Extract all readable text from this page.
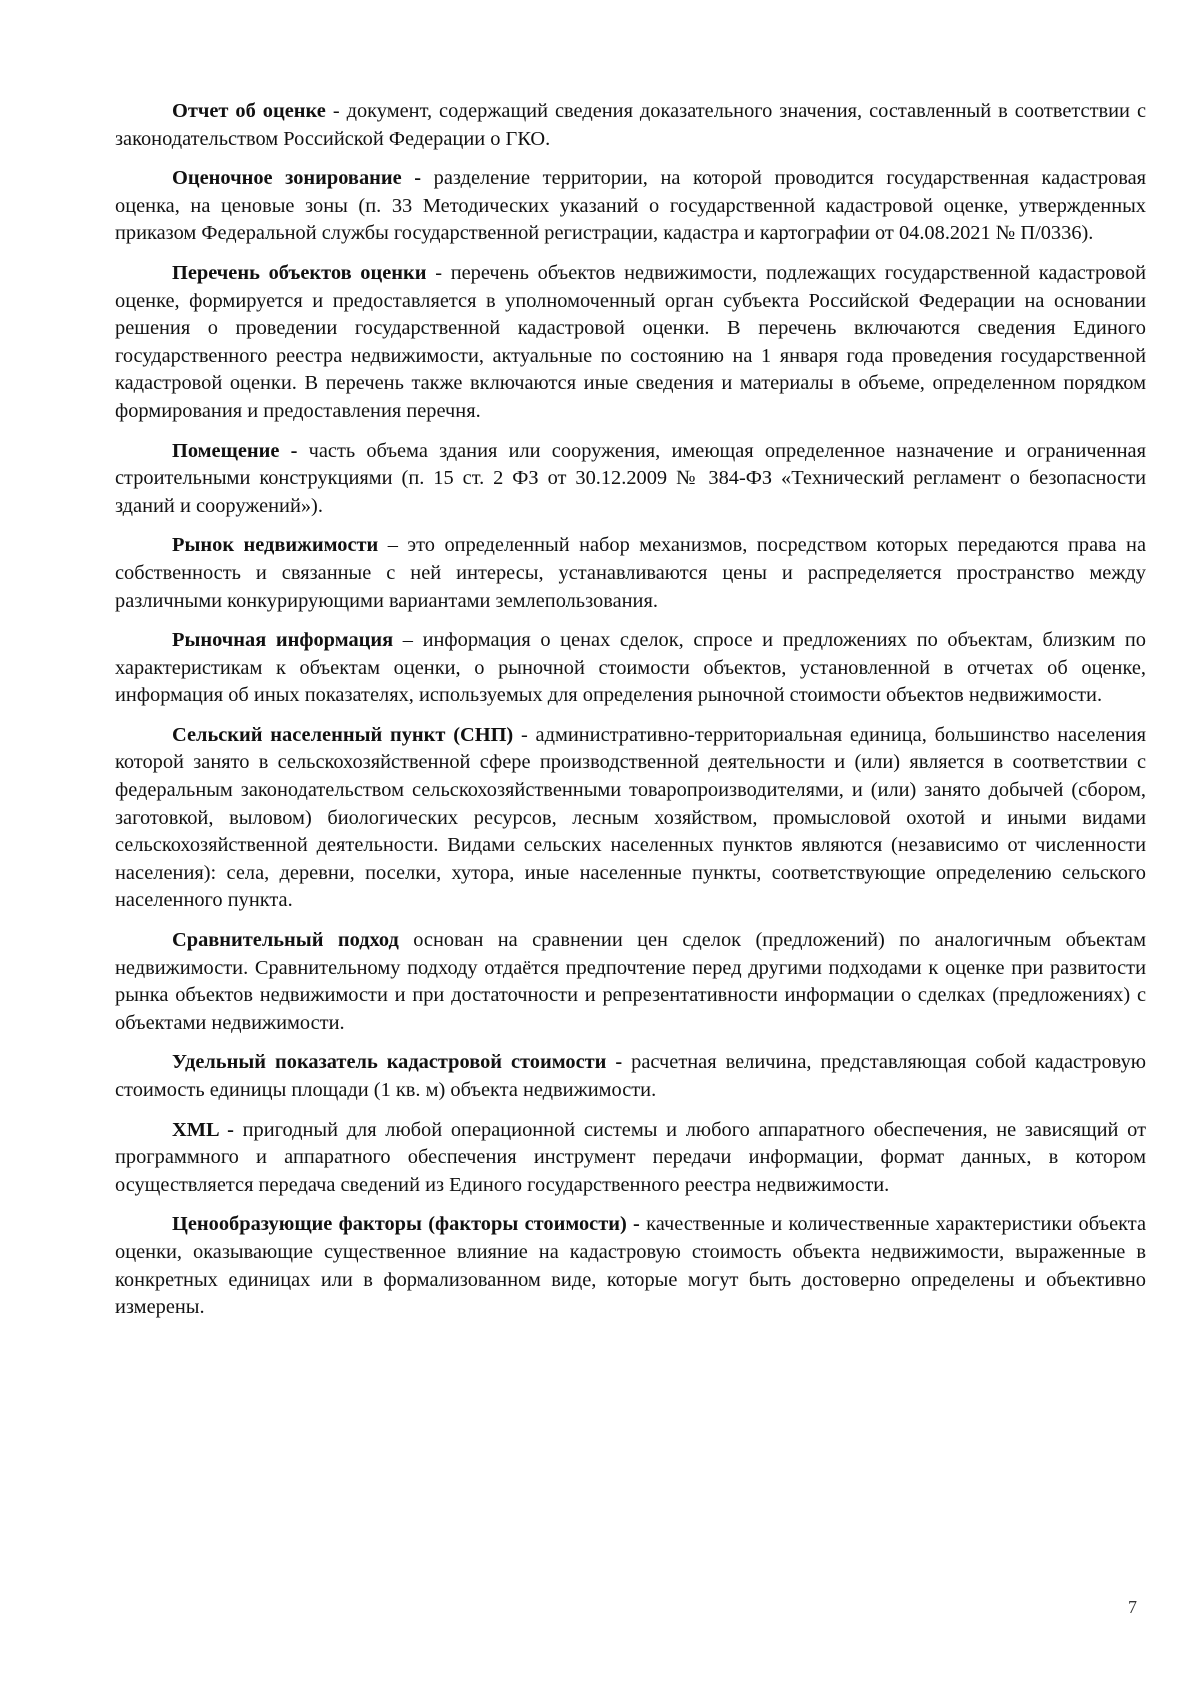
Отчет об оценке - документ, содержащий сведения доказательного значения, составленный в соответствии с законодательством Российской Федерации о ГКО.

Оценочное зонирование - разделение территории, на которой проводится государственная кадастровая оценка, на ценовые зоны (п. 33 Методических указаний о государственной кадастровой оценке, утвержденных приказом Федеральной службы государственной регистрации, кадастра и картографии от 04.08.2021 № П/0336).

Перечень объектов оценки - перечень объектов недвижимости, подлежащих государственной кадастровой оценке, формируется и предоставляется в уполномоченный орган субъекта Российской Федерации на основании решения о проведении государственной кадастровой оценки. В перечень включаются сведения Единого государственного реестра недвижимости, актуальные по состоянию на 1 января года проведения государственной кадастровой оценки. В перечень также включаются иные сведения и материалы в объеме, определенном порядком формирования и предоставления перечня.

Помещение - часть объема здания или сооружения, имеющая определенное назначение и ограниченная строительными конструкциями (п. 15 ст. 2 ФЗ от 30.12.2009 № 384-ФЗ «Технический регламент о безопасности зданий и сооружений»).

Рынок недвижимости – это определенный набор механизмов, посредством которых передаются права на собственность и связанные с ней интересы, устанавливаются цены и распределяется пространство между различными конкурирующими вариантами землепользования.

Рыночная информация – информация о ценах сделок, спросе и предложениях по объектам, близким по характеристикам к объектам оценки, о рыночной стоимости объектов, установленной в отчетах об оценке, информация об иных показателях, используемых для определения рыночной стоимости объектов недвижимости.

Сельский населенный пункт (СНП) - административно-территориальная единица, большинство населения которой занято в сельскохозяйственной сфере производственной деятельности и (или) является в соответствии с федеральным законодательством сельскохозяйственными товаропроизводителями, и (или) занято добычей (сбором, заготовкой, выловом) биологических ресурсов, лесным хозяйством, промысловой охотой и иными видами сельскохозяйственной деятельности. Видами сельских населенных пунктов являются (независимо от численности населения): села, деревни, поселки, хутора, иные населенные пункты, соответствующие определению сельского населенного пункта.

Сравнительный подход основан на сравнении цен сделок (предложений) по аналогичным объектам недвижимости. Сравнительному подходу отдаётся предпочтение перед другими подходами к оценке при развитости рынка объектов недвижимости и при достаточности и репрезентативности информации о сделках (предложениях) с объектами недвижимости.

Удельный показатель кадастровой стоимости - расчетная величина, представляющая собой кадастровую стоимость единицы площади (1 кв. м) объекта недвижимости.

XML - пригодный для любой операционной системы и любого аппаратного обеспечения, не зависящий от программного и аппаратного обеспечения инструмент передачи информации, формат данных, в котором осуществляется передача сведений из Единого государственного реестра недвижимости.

Ценообразующие факторы (факторы стоимости) - качественные и количественные характеристики объекта оценки, оказывающие существенное влияние на кадастровую стоимость объекта недвижимости, выраженные в конкретных единицах или в формализованном виде, которые могут быть достоверно определены и объективно измерены.

7
